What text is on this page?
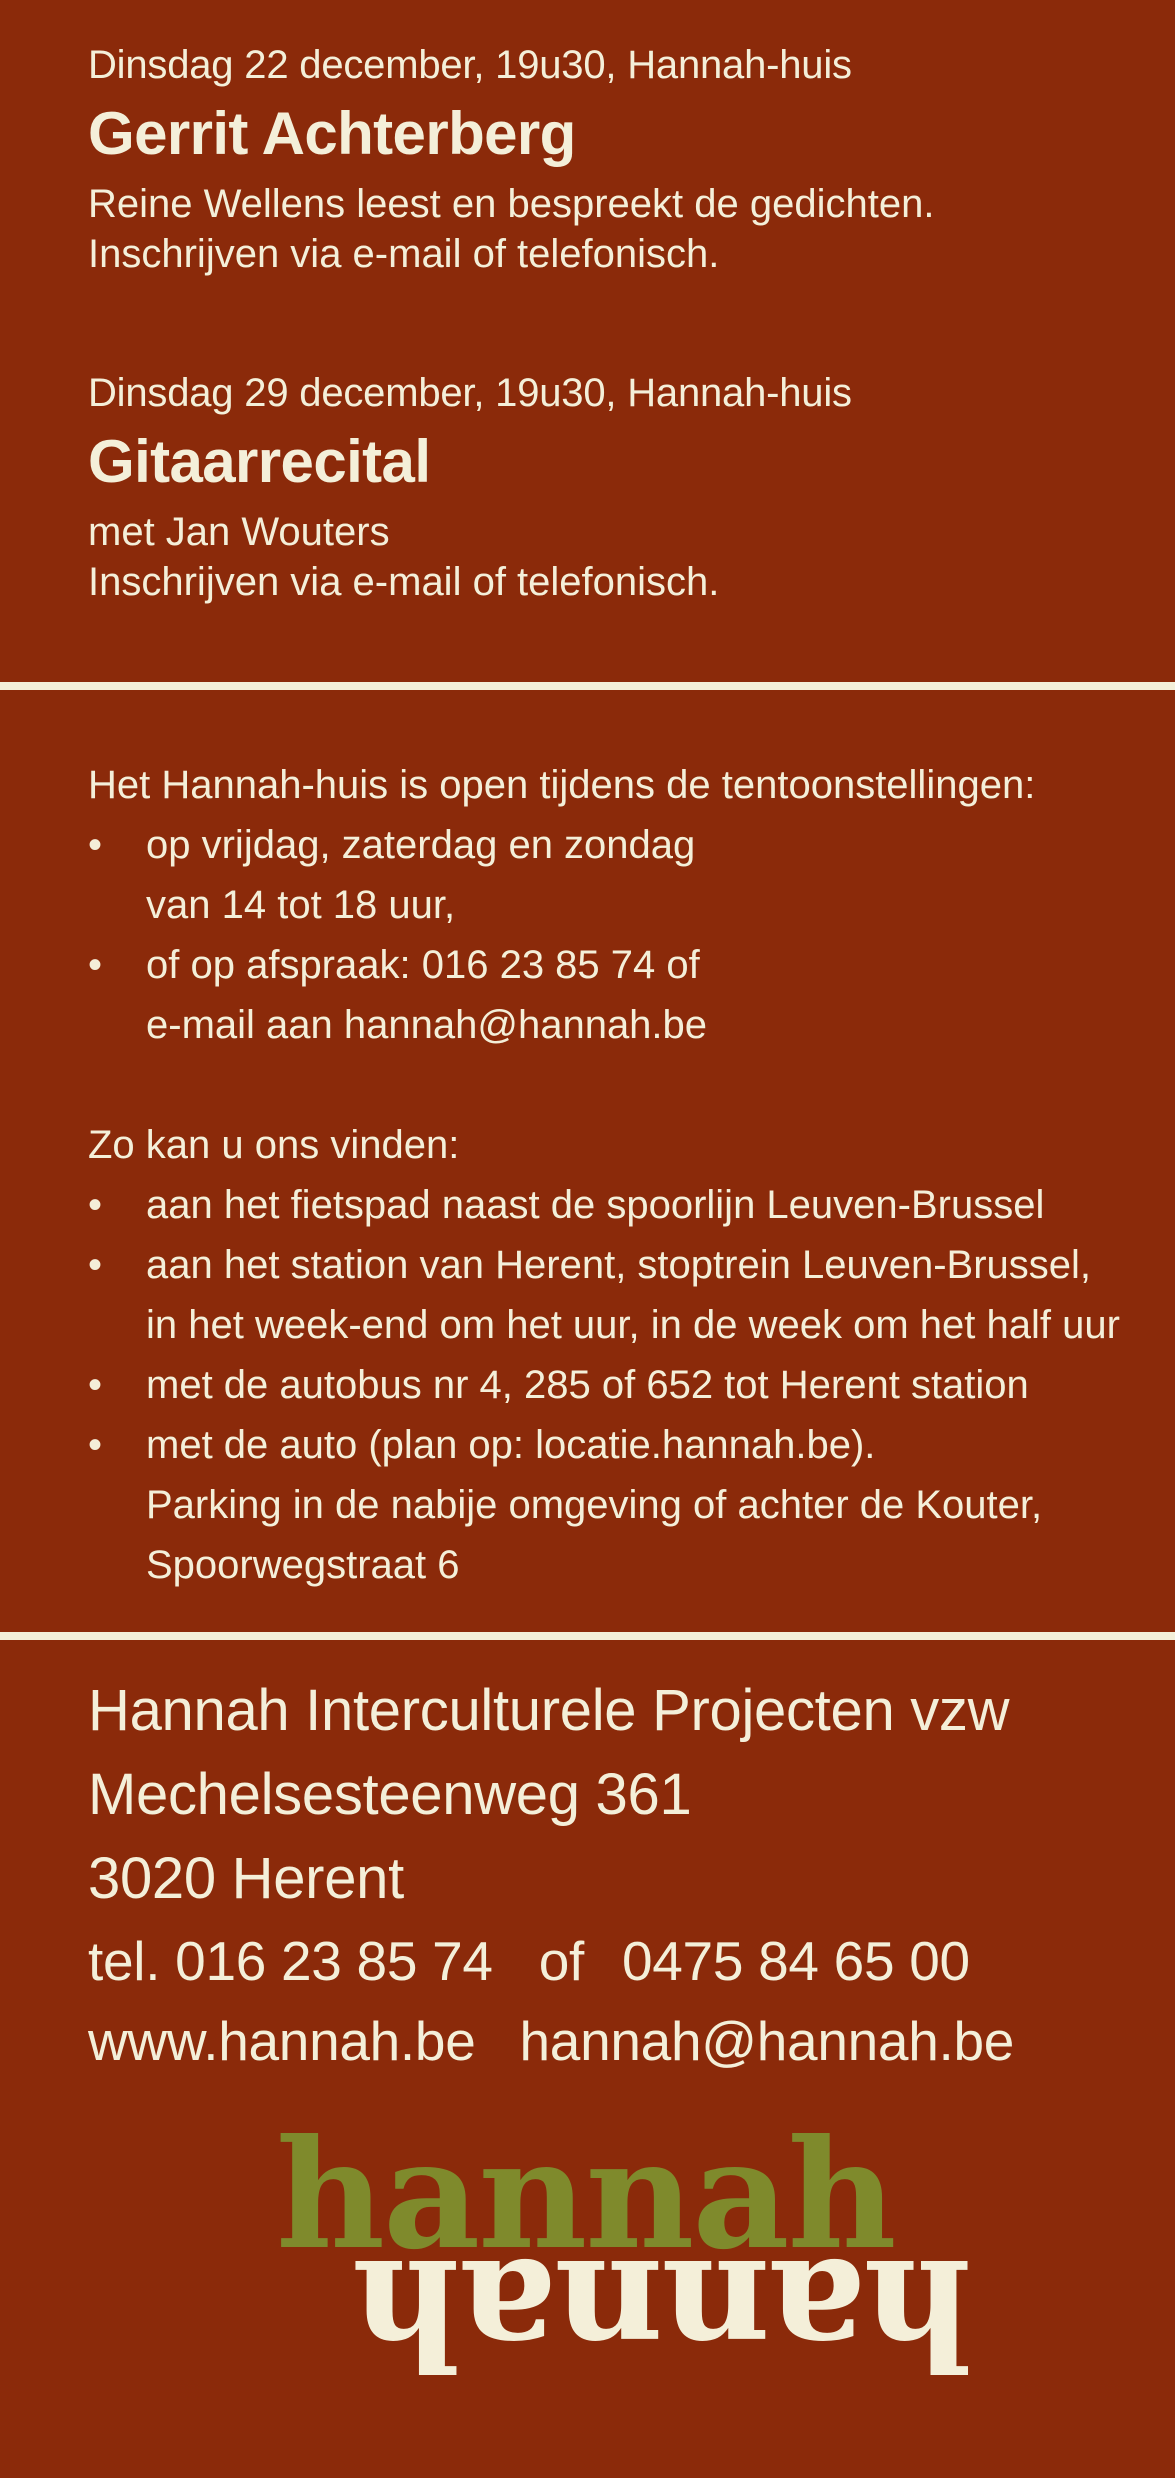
Dinsdag 22 december, 19u30, Hannah-huis

Gerrit Achterberg

Reine Wellens leest en bespreekt de gedichten.

Inschrijven via e-mail of telefonisch.

Dinsdag 29 december, 19u30, Hannah-huis

Gitaarrecital

met Jan Wouters

Inschrijven via e-mail of telefonisch.

Het Hannah-huis is open tijdens de tentoonstellingen:

•	op vrijdag, zaterdag en zondag
van 14 tot 18 uur,
•	of op afspraak: 016 23 85 74 of
e-mail aan hannah@hannah.be

Zo kan u ons vinden:

•	aan het fietspad naast de spoorlijn Leuven-Brussel
•	aan het station van Herent, stoptrein Leuven-Brussel,
in het week-end om het uur, in de week om het half uur
•	met de autobus nr 4, 285 of 652 tot Herent station
•	met de auto (plan op: locatie.hannah.be).
Parking in de nabije omgeving of achter de Kouter,
Spoorwegstraat 6

Hannah Interculturele Projecten vzw

Mechelsesteenweg 361

3020 Herent

tel. 016 23 85 74 of 0475 84 65 00

www.hannah.be hannah@hannah.be

hannah
hannah
